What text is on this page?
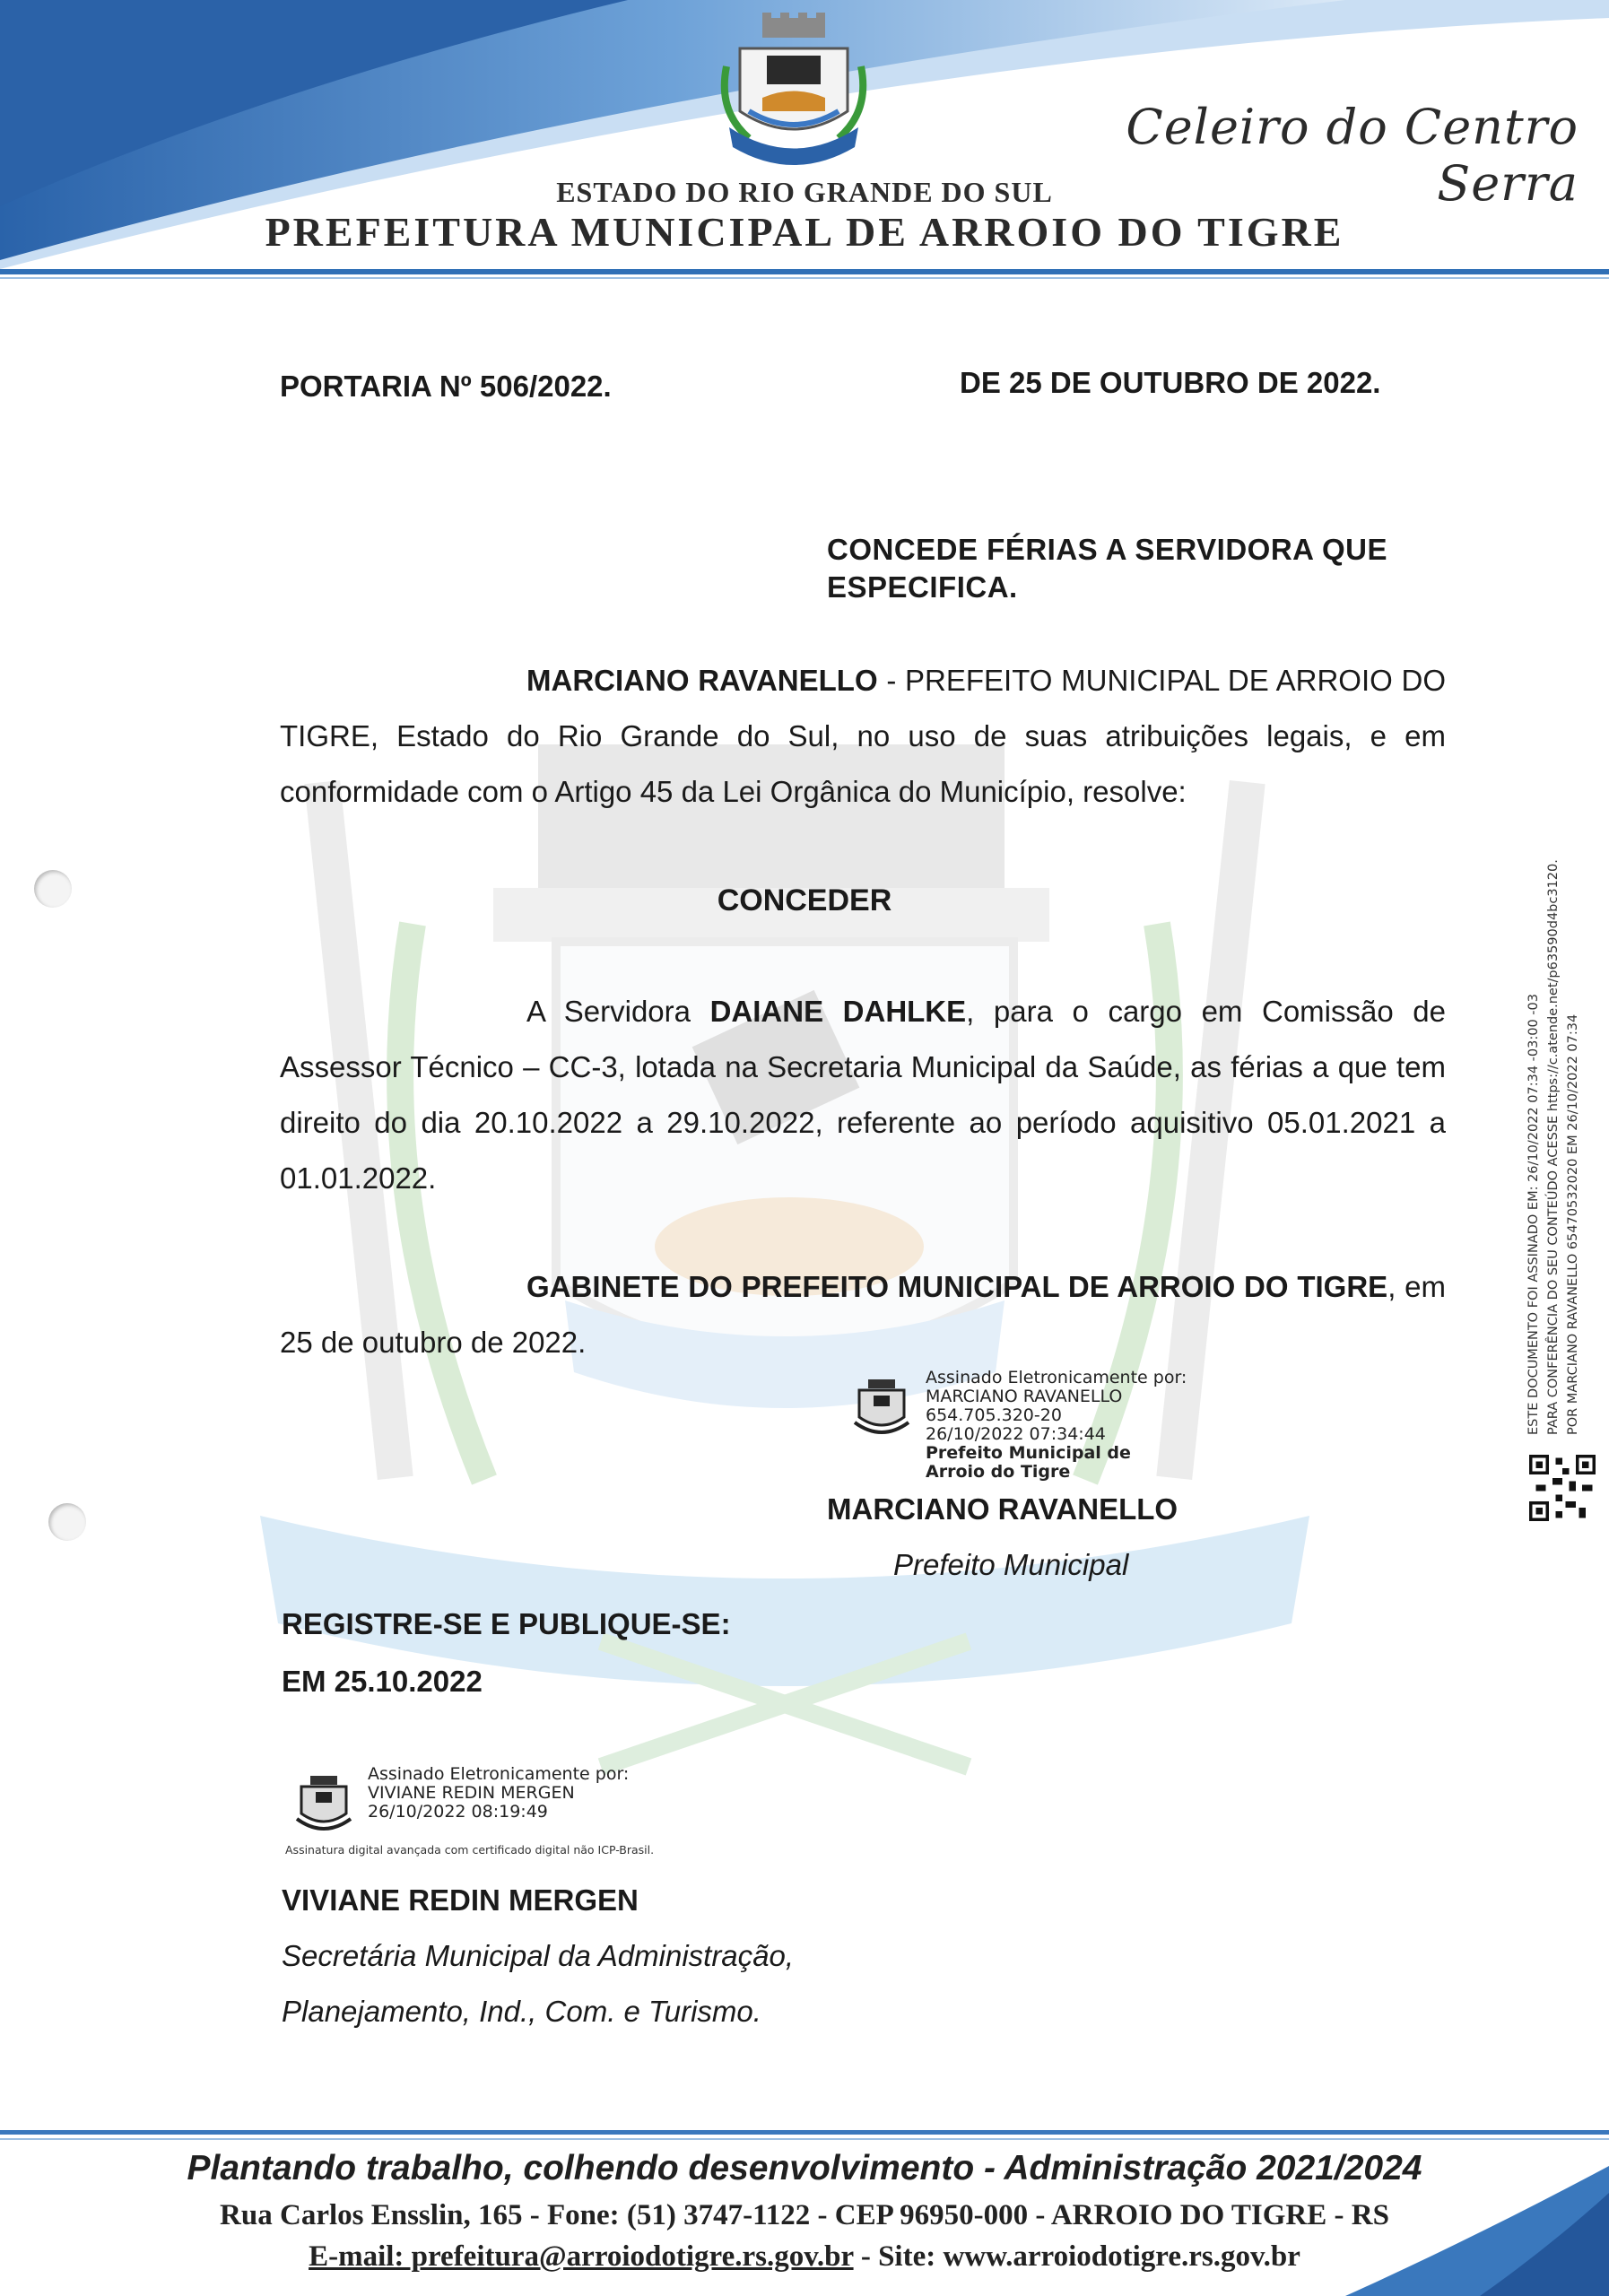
Celeiro do Centro Serra
ESTADO DO RIO GRANDE DO SUL
PREFEITURA MUNICIPAL DE ARROIO DO TIGRE
PORTARIA Nº 506/2022.	DE 25 DE OUTUBRO DE 2022.
CONCEDE FÉRIAS A SERVIDORA QUE ESPECIFICA.
MARCIANO RAVANELLO - PREFEITO MUNICIPAL DE ARROIO DO TIGRE, Estado do Rio Grande do Sul, no uso de suas atribuições legais, e em conformidade com o Artigo 45 da Lei Orgânica do Município, resolve:
CONCEDER
A Servidora DAIANE DAHLKE, para o cargo em Comissão de Assessor Técnico – CC-3, lotada na Secretaria Municipal da Saúde, as férias a que tem direito do dia 20.10.2022 a 29.10.2022, referente ao período aquisitivo 05.01.2021 a 01.01.2022.
GABINETE DO PREFEITO MUNICIPAL DE ARROIO DO TIGRE, em 25 de outubro de 2022.
Assinado Eletronicamente por:
MARCIANO RAVANELLO
654.705.320-20
26/10/2022 07:34:44
Prefeito Municipal de
Arroio do Tigre
MARCIANO RAVANELLO
Prefeito Municipal
REGISTRE-SE E PUBLIQUE-SE:
EM 25.10.2022
Assinado Eletronicamente por:
VIVIANE REDIN MERGEN
26/10/2022 08:19:49
Assinatura digital avançada com certificado digital não ICP-Brasil.
VIVIANE REDIN MERGEN
Secretária Municipal da Administração,
Planejamento, Ind., Com. e Turismo.
ESTE DOCUMENTO FOI ASSINADO EM: 26/10/2022 07:34 -03:00 -03 PARA CONFERÊNCIA DO SEU CONTEÚDO ACESSE https://c.atende.net/p63590d4bc3120. POR MARCIANO RAVANELLO 65470532020 EM 26/10/2022 07:34
Plantando trabalho, colhendo desenvolvimento - Administração 2021/2024
Rua Carlos Ensslin, 165 - Fone: (51) 3747-1122 - CEP 96950-000 - ARROIO DO TIGRE - RS
E-mail: prefeitura@arroiodotigre.rs.gov.br - Site: www.arroiodotigre.rs.gov.br
